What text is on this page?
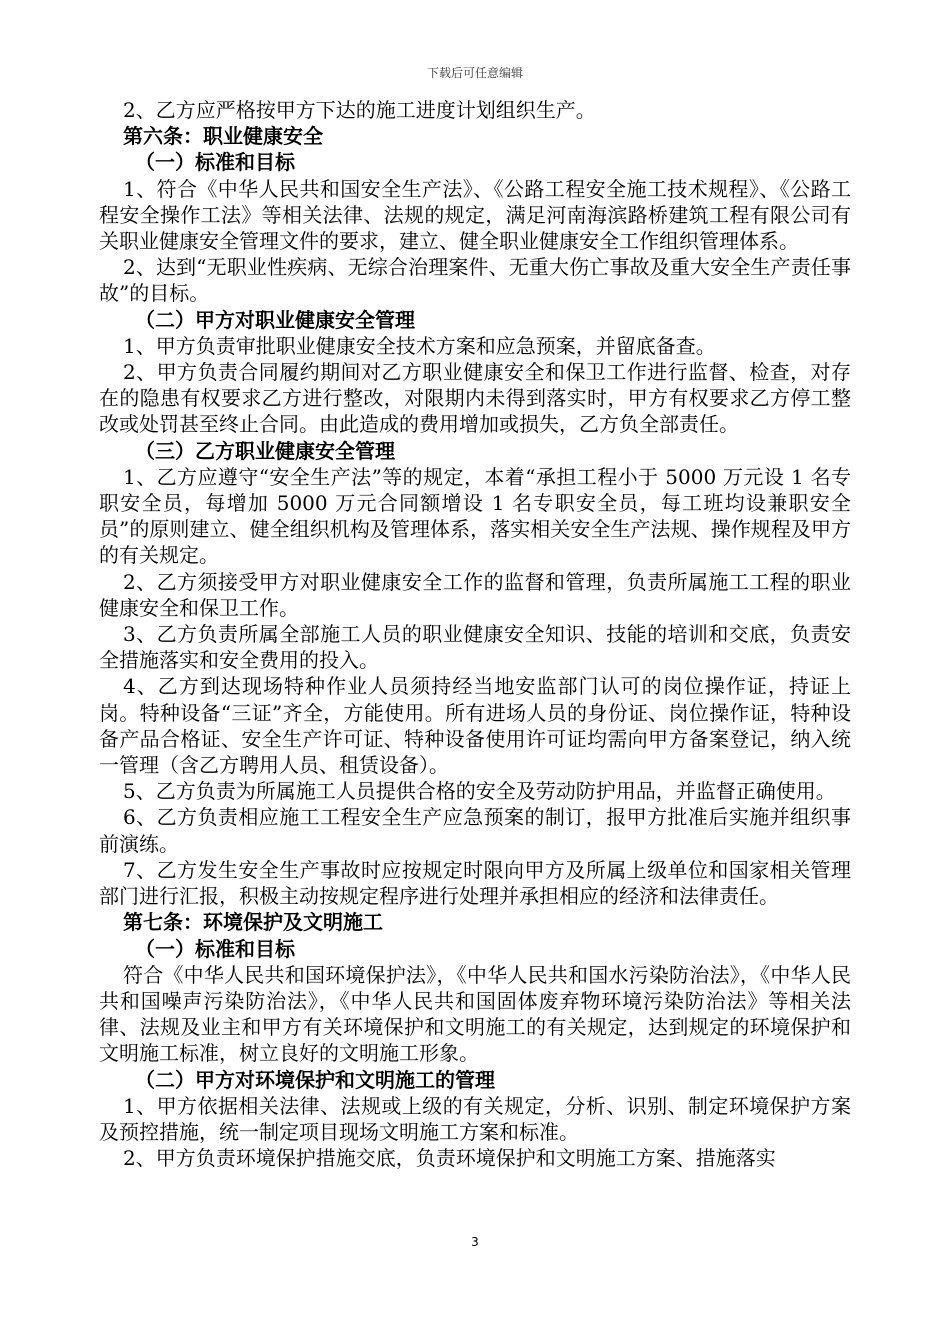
下载后可任意编辑

2、乙方应严格按甲方下达的施工进度计划组织生产。

第六条：职业健康安全

（一）标准和目标

1、符合《中华人民共和国安全生产法》、《公路工程安全施工技术规程》、《公路工程安全操作工法》等相关法律、法规的规定，满足河南海滨路桥建筑工程有限公司有关职业健康安全管理文件的要求，建立、健全职业健康安全工作组织管理体系。

2、达到“无职业性疾病、无综合治理案件、无重大伤亡事故及重大安全生产责任事故”的目标。

（二）甲方对职业健康安全管理

1、甲方负责审批职业健康安全技术方案和应急预案，并留底备查。

2、甲方负责合同履约期间对乙方职业健康安全和保卫工作进行监督、检查，对存在的隐患有权要求乙方进行整改，对限期内未得到落实时，甲方有权要求乙方停工整改或处罚甚至终止合同。由此造成的费用增加或损失，乙方负全部责任。

（三）乙方职业健康安全管理

1、乙方应遵守“安全生产法”等的规定，本着“承担工程小于 5000 万元设 1 名专职安全员，每增加 5000 万元合同额增设 1 名专职安全员，每工班均设兼职安全员”的原则建立、健全组织机构及管理体系，落实相关安全生产法规、操作规程及甲方的有关规定。

2、乙方须接受甲方对职业健康安全工作的监督和管理，负责所属施工工程的职业健康安全和保卫工作。

3、乙方负责所属全部施工人员的职业健康安全知识、技能的培训和交底，负责安全措施落实和安全费用的投入。

4、乙方到达现场特种作业人员须持经当地安监部门认可的岗位操作证，持证上岗。特种设备“三证”齐全，方能使用。所有进场人员的身份证、岗位操作证，特种设备产品合格证、安全生产许可证、特种设备使用许可证均需向甲方备案登记，纳入统一管理（含乙方聘用人员、租赁设备）。

5、乙方负责为所属施工人员提供合格的安全及劳动防护用品，并监督正确使用。

6、乙方负责相应施工工程安全生产应急预案的制订，报甲方批准后实施并组织事前演练。

7、乙方发生安全生产事故时应按规定时限向甲方及所属上级单位和国家相关管理部门进行汇报，积极主动按规定程序进行处理并承担相应的经济和法律责任。

第七条：环境保护及文明施工

（一）标准和目标

符合《中华人民共和国环境保护法》，《中华人民共和国水污染防治法》，《中华人民共和国噪声污染防治法》，《中华人民共和国固体废弃物环境污染防治法》等相关法律、法规及业主和甲方有关环境保护和文明施工的有关规定，达到规定的环境保护和文明施工标准，树立良好的文明施工形象。

（二）甲方对环境保护和文明施工的管理

1、甲方依据相关法律、法规或上级的有关规定，分析、识别、制定环境保护方案及预控措施，统一制定项目现场文明施工方案和标准。

2、甲方负责环境保护措施交底，负责环境保护和文明施工方案、措施落实

3
